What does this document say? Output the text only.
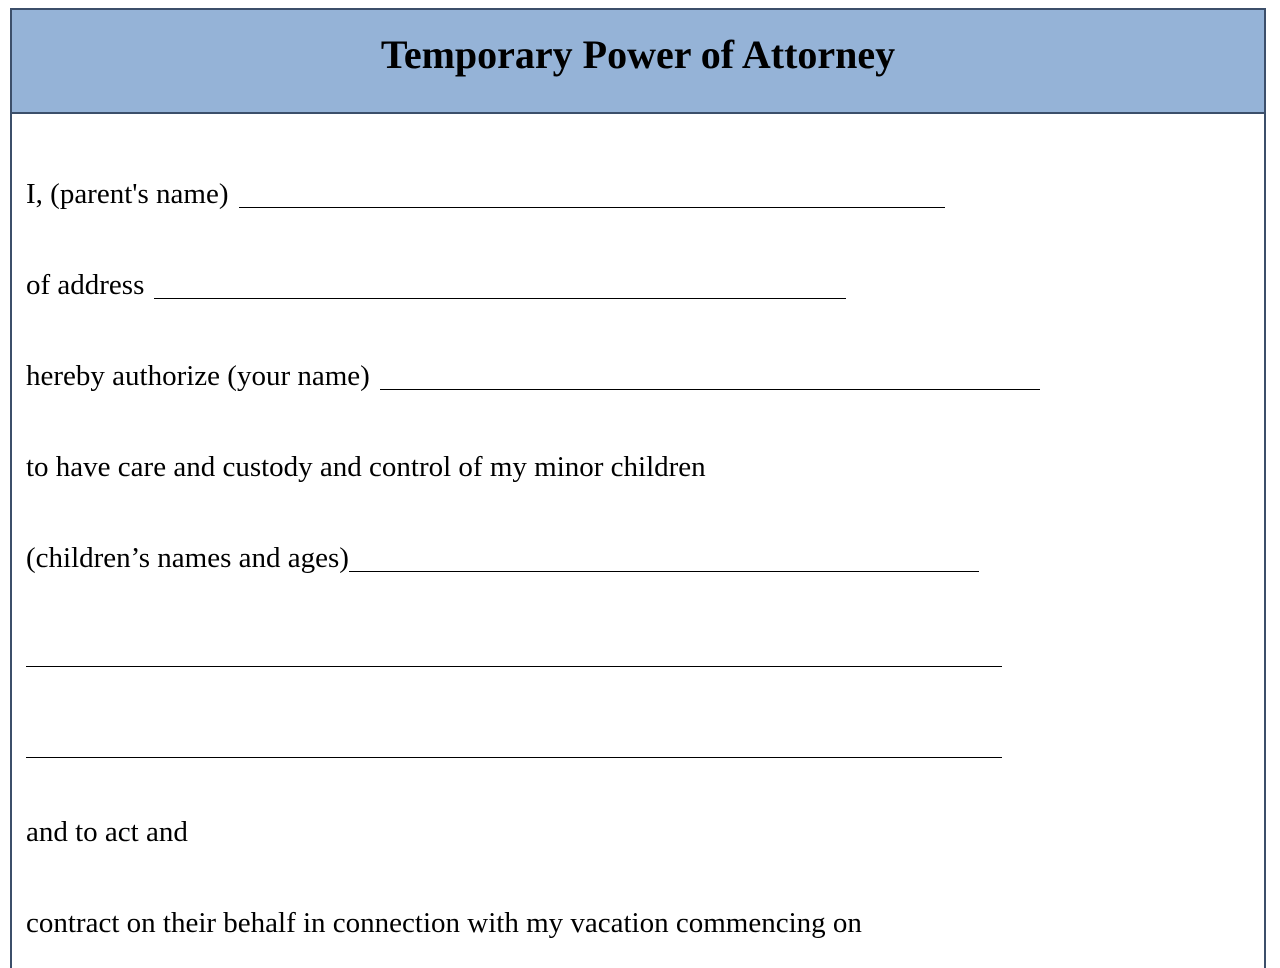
Temporary Power of Attorney
I, (parent's name)
of address
hereby authorize (your name)
to have care and custody and control of my minor children
(children’s names and ages)
and to act and
contract on their behalf in connection with my vacation commencing on
